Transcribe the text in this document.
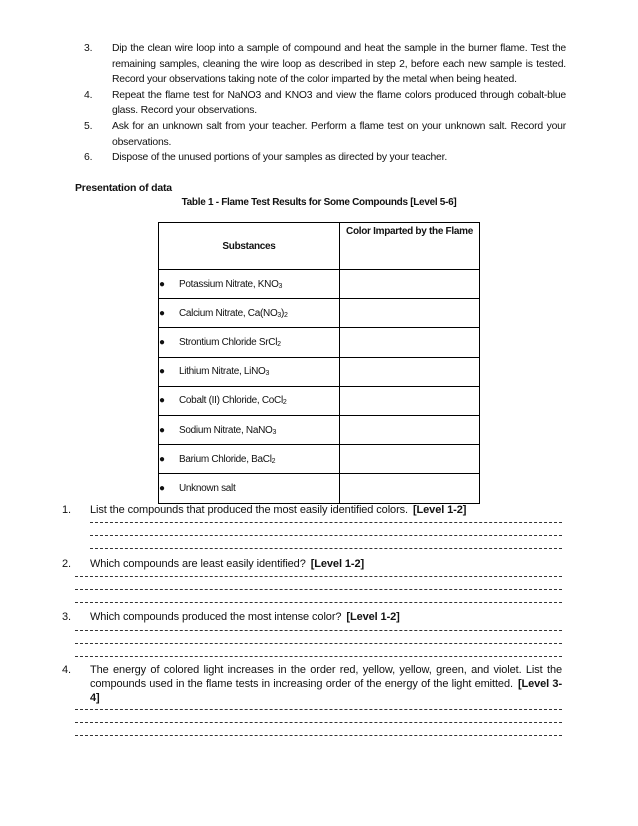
3.	Dip the clean wire loop into a sample of compound and heat the sample in the burner flame. Test the remaining samples, cleaning the wire loop as described in step 2, before each new sample is tested. Record your observations taking note of the color imparted by the metal when being heated.
4.	Repeat the flame test for NaNO3 and KNO3 and view the flame colors produced through cobalt-blue glass. Record your observations.
5.	Ask for an unknown salt from your teacher. Perform a flame test on your unknown salt. Record your observations.
6.	Dispose of the unused portions of your samples as directed by your teacher.
Presentation of data
Table 1 - Flame Test Results for Some Compounds [Level 5-6]
Substances	Color Imparted by the Flame
● Potassium Nitrate, $KNO_3$	
● Calcium Nitrate, $Ca(NO_3)_2$	
● Strontium Chloride SrCl$_2$	
● Lithium Nitrate, LiNO$_3$	
● Cobalt (II) Chloride, CoCl$_2$	
● Sodium Nitrate, NaNO$_3$	
● Barium Chloride, BaCl$_2$	
● Unknown salt	
1. List the compounds that produced the most easily identified colors. [Level 1-2]
2. Which compounds are least easily identified? [Level 1-2]
3. Which compounds produced the most intense color? [Level 1-2]
4. The energy of colored light increases in the order red, yellow, yellow, green, and violet. List the compounds used in the flame tests in increasing order of the energy of the light emitted. [Level 3-4]
